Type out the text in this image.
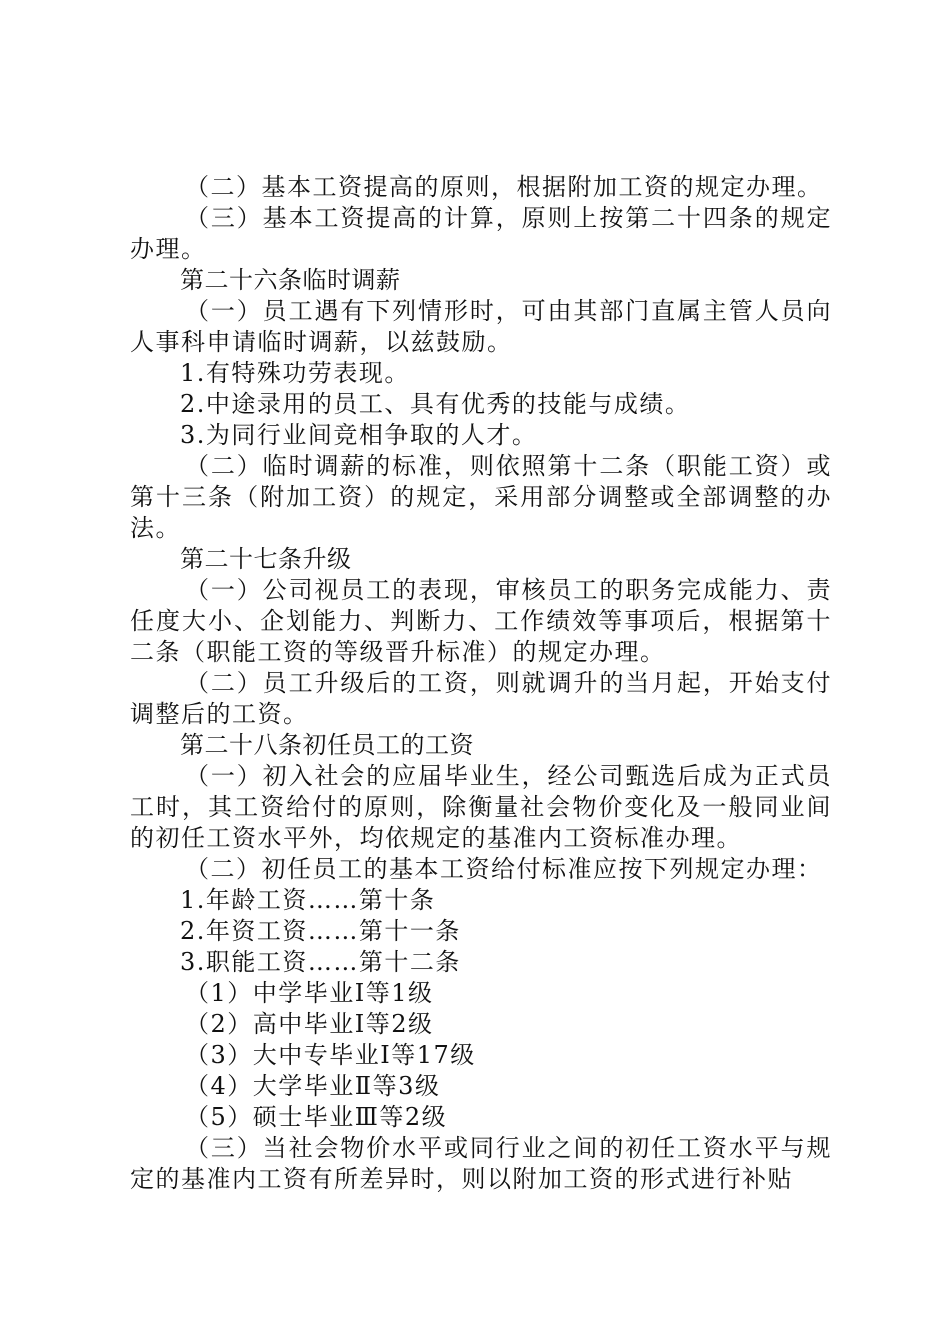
（二）基本工资提高的原则，根据附加工资的规定办理。

（三）基本工资提高的计算，原则上按第二十四条的规定办理。

第二十六条临时调薪

（一）员工遇有下列情形时，可由其部门直属主管人员向人事科申请临时调薪，以兹鼓励。

1.有特殊功劳表现。

2.中途录用的员工、具有优秀的技能与成绩。

3.为同行业间竞相争取的人才。

（二）临时调薪的标准，则依照第十二条（职能工资）或第十三条（附加工资）的规定，采用部分调整或全部调整的办法。

第二十七条升级

（一）公司视员工的表现，审核员工的职务完成能力、责任度大小、企划能力、判断力、工作绩效等事项后，根据第十二条（职能工资的等级晋升标准）的规定办理。

（二）员工升级后的工资，则就调升的当月起，开始支付调整后的工资。

第二十八条初任员工的工资

（一）初入社会的应届毕业生，经公司甄选后成为正式员工时，其工资给付的原则，除衡量社会物价变化及一般同业间的初任工资水平外，均依规定的基准内工资标准办理。

（二）初任员工的基本工资给付标准应按下列规定办理：

1.年龄工资……第十条

2.年资工资……第十一条

3.职能工资……第十二条

（1）中学毕业Ⅰ等1级

（2）高中毕业Ⅰ等2级

（3）大中专毕业Ⅰ等17级

（4）大学毕业Ⅱ等3级

（5）硕士毕业Ⅲ等2级

（三）当社会物价水平或同行业之间的初任工资水平与规定的基准内工资有所差异时，则以附加工资的形式进行补贴
